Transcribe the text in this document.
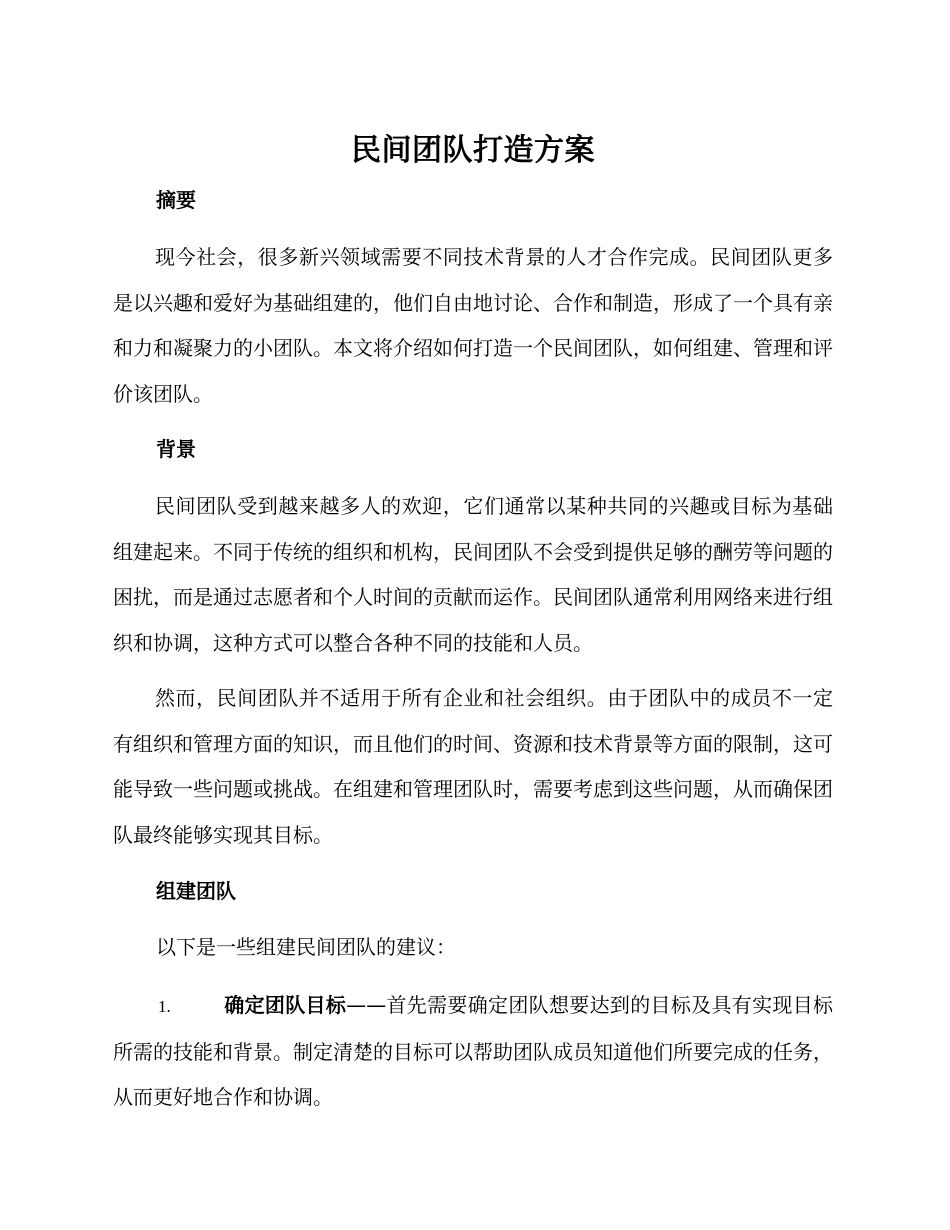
民间团队打造方案
摘要
现今社会，很多新兴领域需要不同技术背景的人才合作完成。民间团队更多是以兴趣和爱好为基础组建的，他们自由地讨论、合作和制造，形成了一个具有亲和力和凝聚力的小团队。本文将介绍如何打造一个民间团队，如何组建、管理和评价该团队。
背景
民间团队受到越来越多人的欢迎，它们通常以某种共同的兴趣或目标为基础组建起来。不同于传统的组织和机构，民间团队不会受到提供足够的酬劳等问题的困扰，而是通过志愿者和个人时间的贡献而运作。民间团队通常利用网络来进行组织和协调，这种方式可以整合各种不同的技能和人员。
然而，民间团队并不适用于所有企业和社会组织。由于团队中的成员不一定有组织和管理方面的知识，而且他们的时间、资源和技术背景等方面的限制，这可能导致一些问题或挑战。在组建和管理团队时，需要考虑到这些问题，从而确保团队最终能够实现其目标。
组建团队
以下是一些组建民间团队的建议：
1.	确定团队目标——首先需要确定团队想要达到的目标及具有实现目标所需的技能和背景。制定清楚的目标可以帮助团队成员知道他们所要完成的任务，从而更好地合作和协调。
